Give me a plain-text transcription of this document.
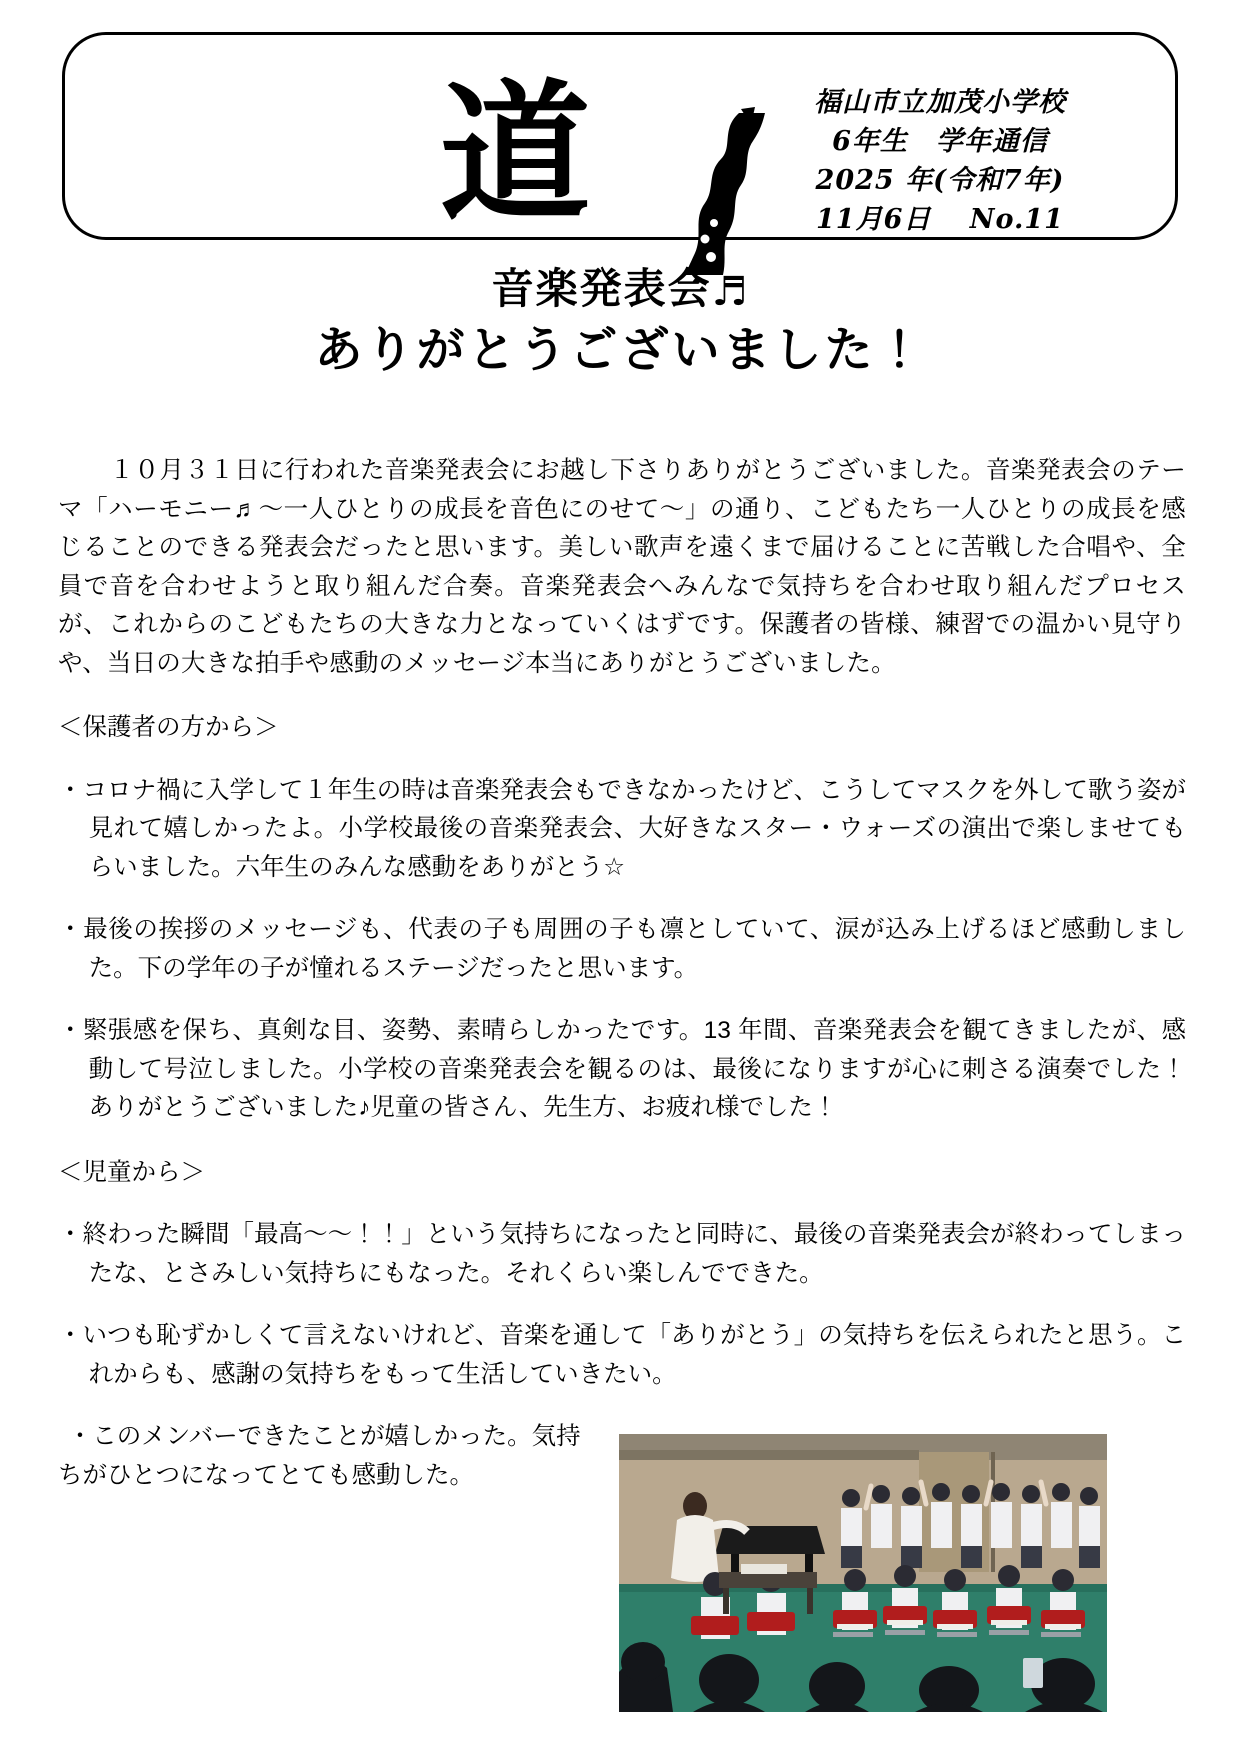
道	福山市立加茂小学校
6年生　学年通信
2025 年(令和7年)
11月6日　 No.11
音楽発表会♬
ありがとうございました！

１０月３１日に行われた音楽発表会にお越し下さりありがとうございました。音楽発表会のテーマ「ハーモニー♬〜一人ひとりの成長を音色にのせて〜」の通り、こどもたち一人ひとりの成長を感じることのできる発表会だったと思います。美しい歌声を遠くまで届けることに苦戦した合唱や、全員で音を合わせようと取り組んだ合奏。音楽発表会へみんなで気持ちを合わせ取り組んだプロセスが、これからのこどもたちの大きな力となっていくはずです。保護者の皆様、練習での温かい見守りや、当日の大きな拍手や感動のメッセージ本当にありがとうございました。

＜保護者の方から＞
・コロナ禍に入学して１年生の時は音楽発表会もできなかったけど、こうしてマスクを外して歌う姿が見れて嬉しかったよ。小学校最後の音楽発表会、大好きなスター・ウォーズの演出で楽しませてもらいました。六年生のみんな感動をありがとう☆
・最後の挨拶のメッセージも、代表の子も周囲の子も凛としていて、涙が込み上げるほど感動しました。下の学年の子が憧れるステージだったと思います。
・緊張感を保ち、真剣な目、姿勢、素晴らしかったです。13 年間、音楽発表会を観てきましたが、感動して号泣しました。小学校の音楽発表会を観るのは、最後になりますが心に刺さる演奏でした！ありがとうございました♪児童の皆さん、先生方、お疲れ様でした！
＜児童から＞
・終わった瞬間「最高〜〜！！」という気持ちになったと同時に、最後の音楽発表会が終わってしまったな、とさみしい気持ちにもなった。それくらい楽しんでできた。
・いつも恥ずかしくて言えないけれど、音楽を通して「ありがとう」の気持ちを伝えられたと思う。これからも、感謝の気持ちをもって生活していきたい。
・このメンバーできたことが嬉しかった。気持ちがひとつになってとても感動した。
